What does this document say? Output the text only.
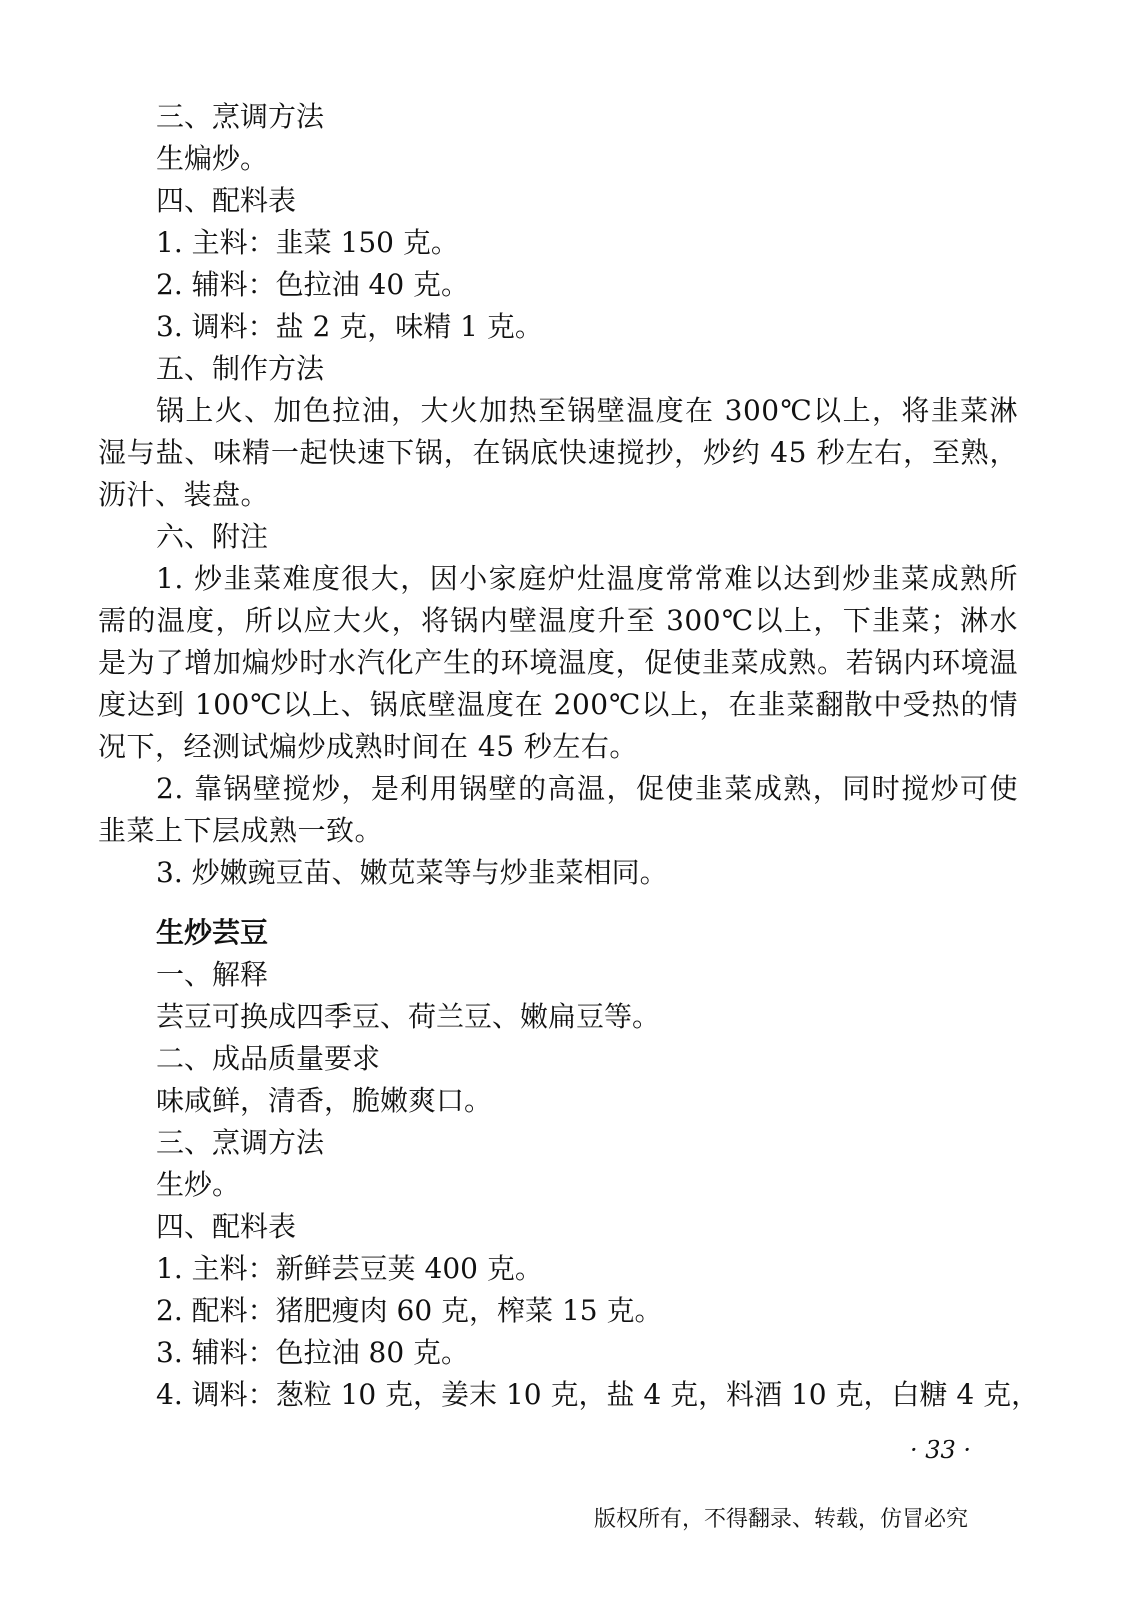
三、烹调方法
生煸炒。
四、配料表
1. 主料：韭菜 150 克。
2. 辅料：色拉油 40 克。
3. 调料：盐 2 克，味精 1 克。
五、制作方法
锅上火、加色拉油，大火加热至锅壁温度在 300℃以上，将韭菜淋湿与盐、味精一起快速下锅，在锅底快速搅抄，炒约 45 秒左右，至熟，沥汁、装盘。
六、附注
1. 炒韭菜难度很大，因小家庭炉灶温度常常难以达到炒韭菜成熟所需的温度，所以应大火，将锅内壁温度升至 300℃以上，下韭菜；淋水是为了增加煸炒时水汽化产生的环境温度，促使韭菜成熟。若锅内环境温度达到 100℃以上、锅底壁温度在 200℃以上，在韭菜翻散中受热的情况下，经测试煸炒成熟时间在 45 秒左右。
2. 靠锅壁搅炒，是利用锅壁的高温，促使韭菜成熟，同时搅炒可使韭菜上下层成熟一致。
3. 炒嫩豌豆苗、嫩苋菜等与炒韭菜相同。
生炒芸豆
一、解释
芸豆可换成四季豆、荷兰豆、嫩扁豆等。
二、成品质量要求
味咸鲜，清香，脆嫩爽口。
三、烹调方法
生炒。
四、配料表
1. 主料：新鲜芸豆荚 400 克。
2. 配料：猪肥瘦肉 60 克，榨菜 15 克。
3. 辅料：色拉油 80 克。
4. 调料：葱粒 10 克，姜末 10 克，盐 4 克，料酒 10 克，白糖 4 克，
· 33 ·
版权所有，不得翻录、转载，仿冒必究
